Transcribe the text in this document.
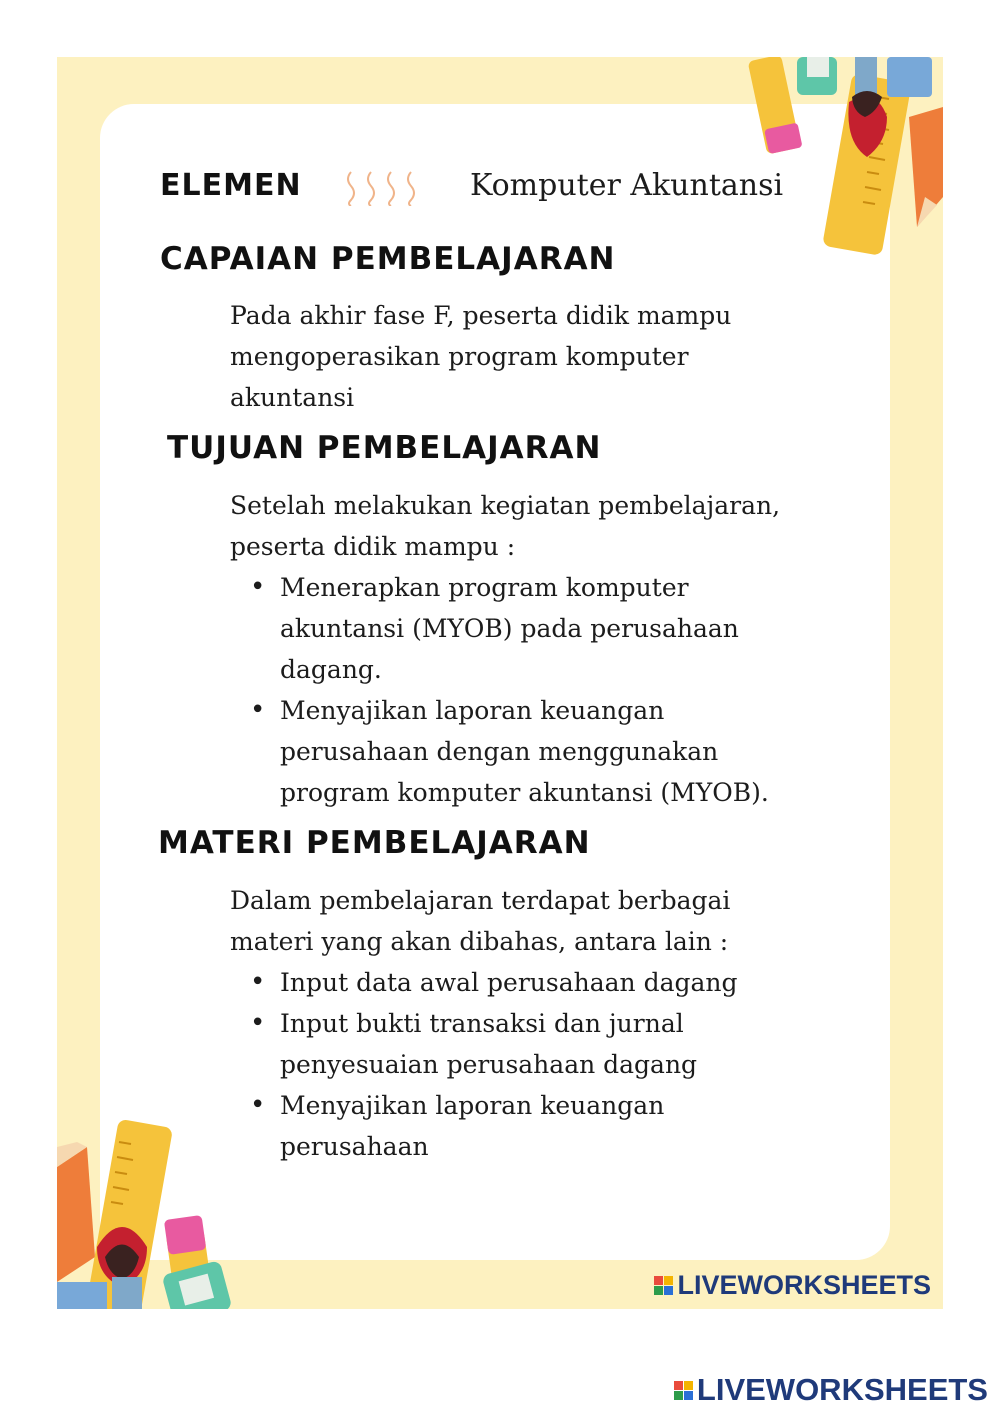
LIVEWORKSHEETS
ELEMEN	Komputer Akuntansi
CAPAIAN PEMBELAJARAN

Pada akhir fase F, peserta didik mampu

mengoperasikan program komputer

akuntansi

TUJUAN PEMBELAJARAN

Setelah melakukan kegiatan pembelajaran,

peserta didik mampu :

• Menerapkan program komputer
akuntansi (MYOB) pada perusahaan
dagang.
• Menyajikan laporan keuangan
perusahaan dengan menggunakan
program komputer akuntansi (MYOB).
MATERI PEMBELAJARAN

Dalam pembelajaran terdapat berbagai

materi yang akan dibahas, antara lain :

• Input data awal perusahaan dagang
• Input bukti transaksi dan jurnal
penyesuaian perusahaan dagang
• Menyajikan laporan keuangan
perusahaan
LIVEWORKSHEETS
